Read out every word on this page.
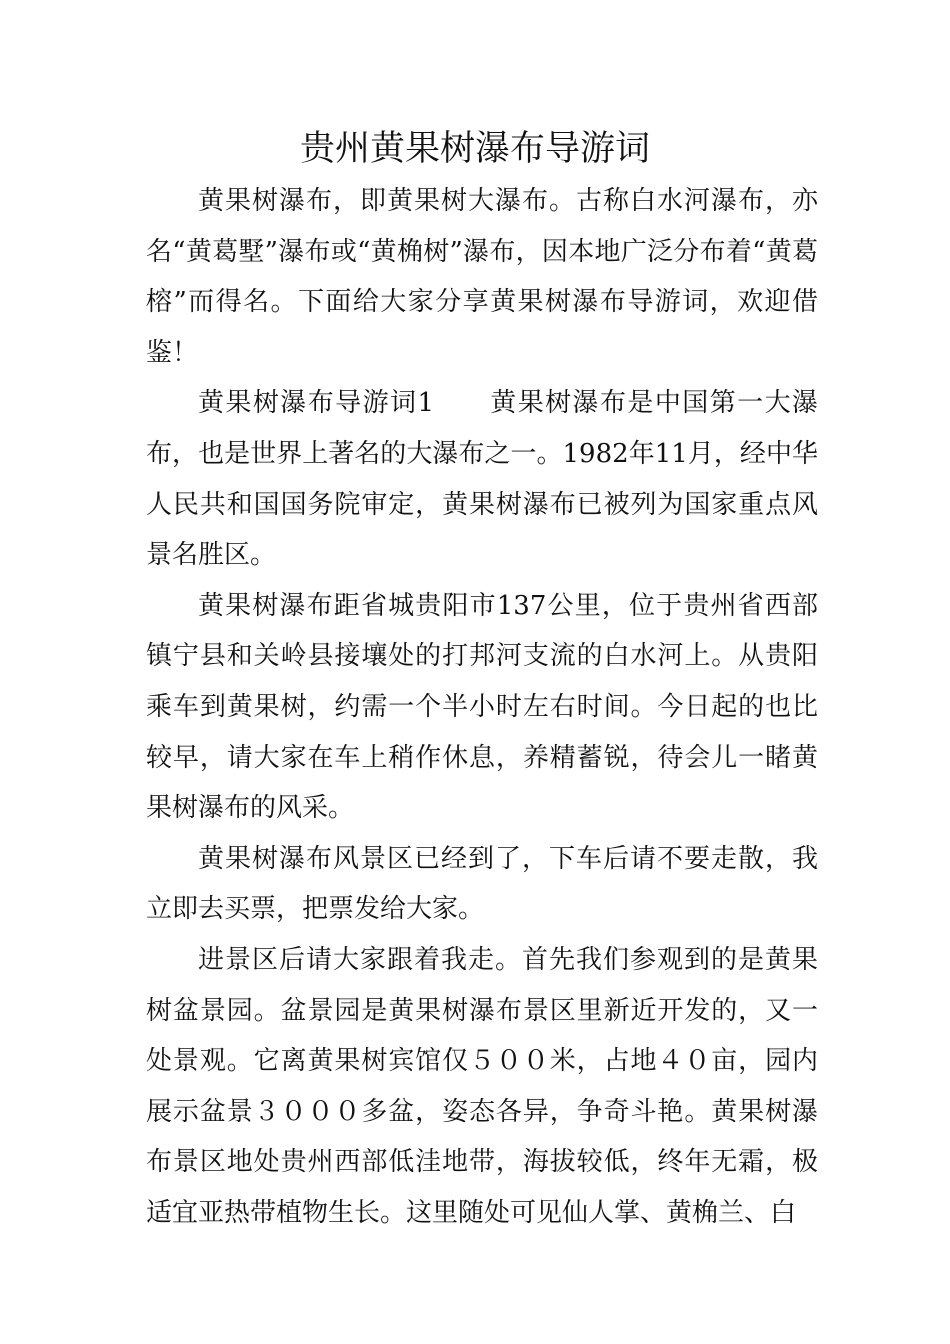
贵州黄果树瀑布导游词

黄果树瀑布，即黄果树大瀑布。古称白水河瀑布，亦名“黄葛墅”瀑布或“黄桷树”瀑布，因本地广泛分布着“黄葛榕”而得名。下面给大家分享黄果树瀑布导游词，欢迎借鉴！

黄果树瀑布导游词1　　黄果树瀑布是中国第一大瀑布，也是世界上著名的大瀑布之一。1982年11月，经中华人民共和国国务院审定，黄果树瀑布已被列为国家重点风景名胜区。

黄果树瀑布距省城贵阳市137公里，位于贵州省西部镇宁县和关岭县接壤处的打邦河支流的白水河上。从贵阳乘车到黄果树，约需一个半小时左右时间。今日起的也比较早，请大家在车上稍作休息，养精蓄锐，待会儿一睹黄果树瀑布的风采。

黄果树瀑布风景区已经到了，下车后请不要走散，我立即去买票，把票发给大家。

进景区后请大家跟着我走。首先我们参观到的是黄果树盆景园。盆景园是黄果树瀑布景区里新近开发的，又一处景观。它离黄果树宾馆仅５００米，占地４０亩，园内展示盆景３０００多盆，姿态各异，争奇斗艳。黄果树瀑布景区地处贵州西部低洼地带，海拔较低，终年无霜，极适宜亚热带植物生长。这里随处可见仙人掌、黄桷兰、白
